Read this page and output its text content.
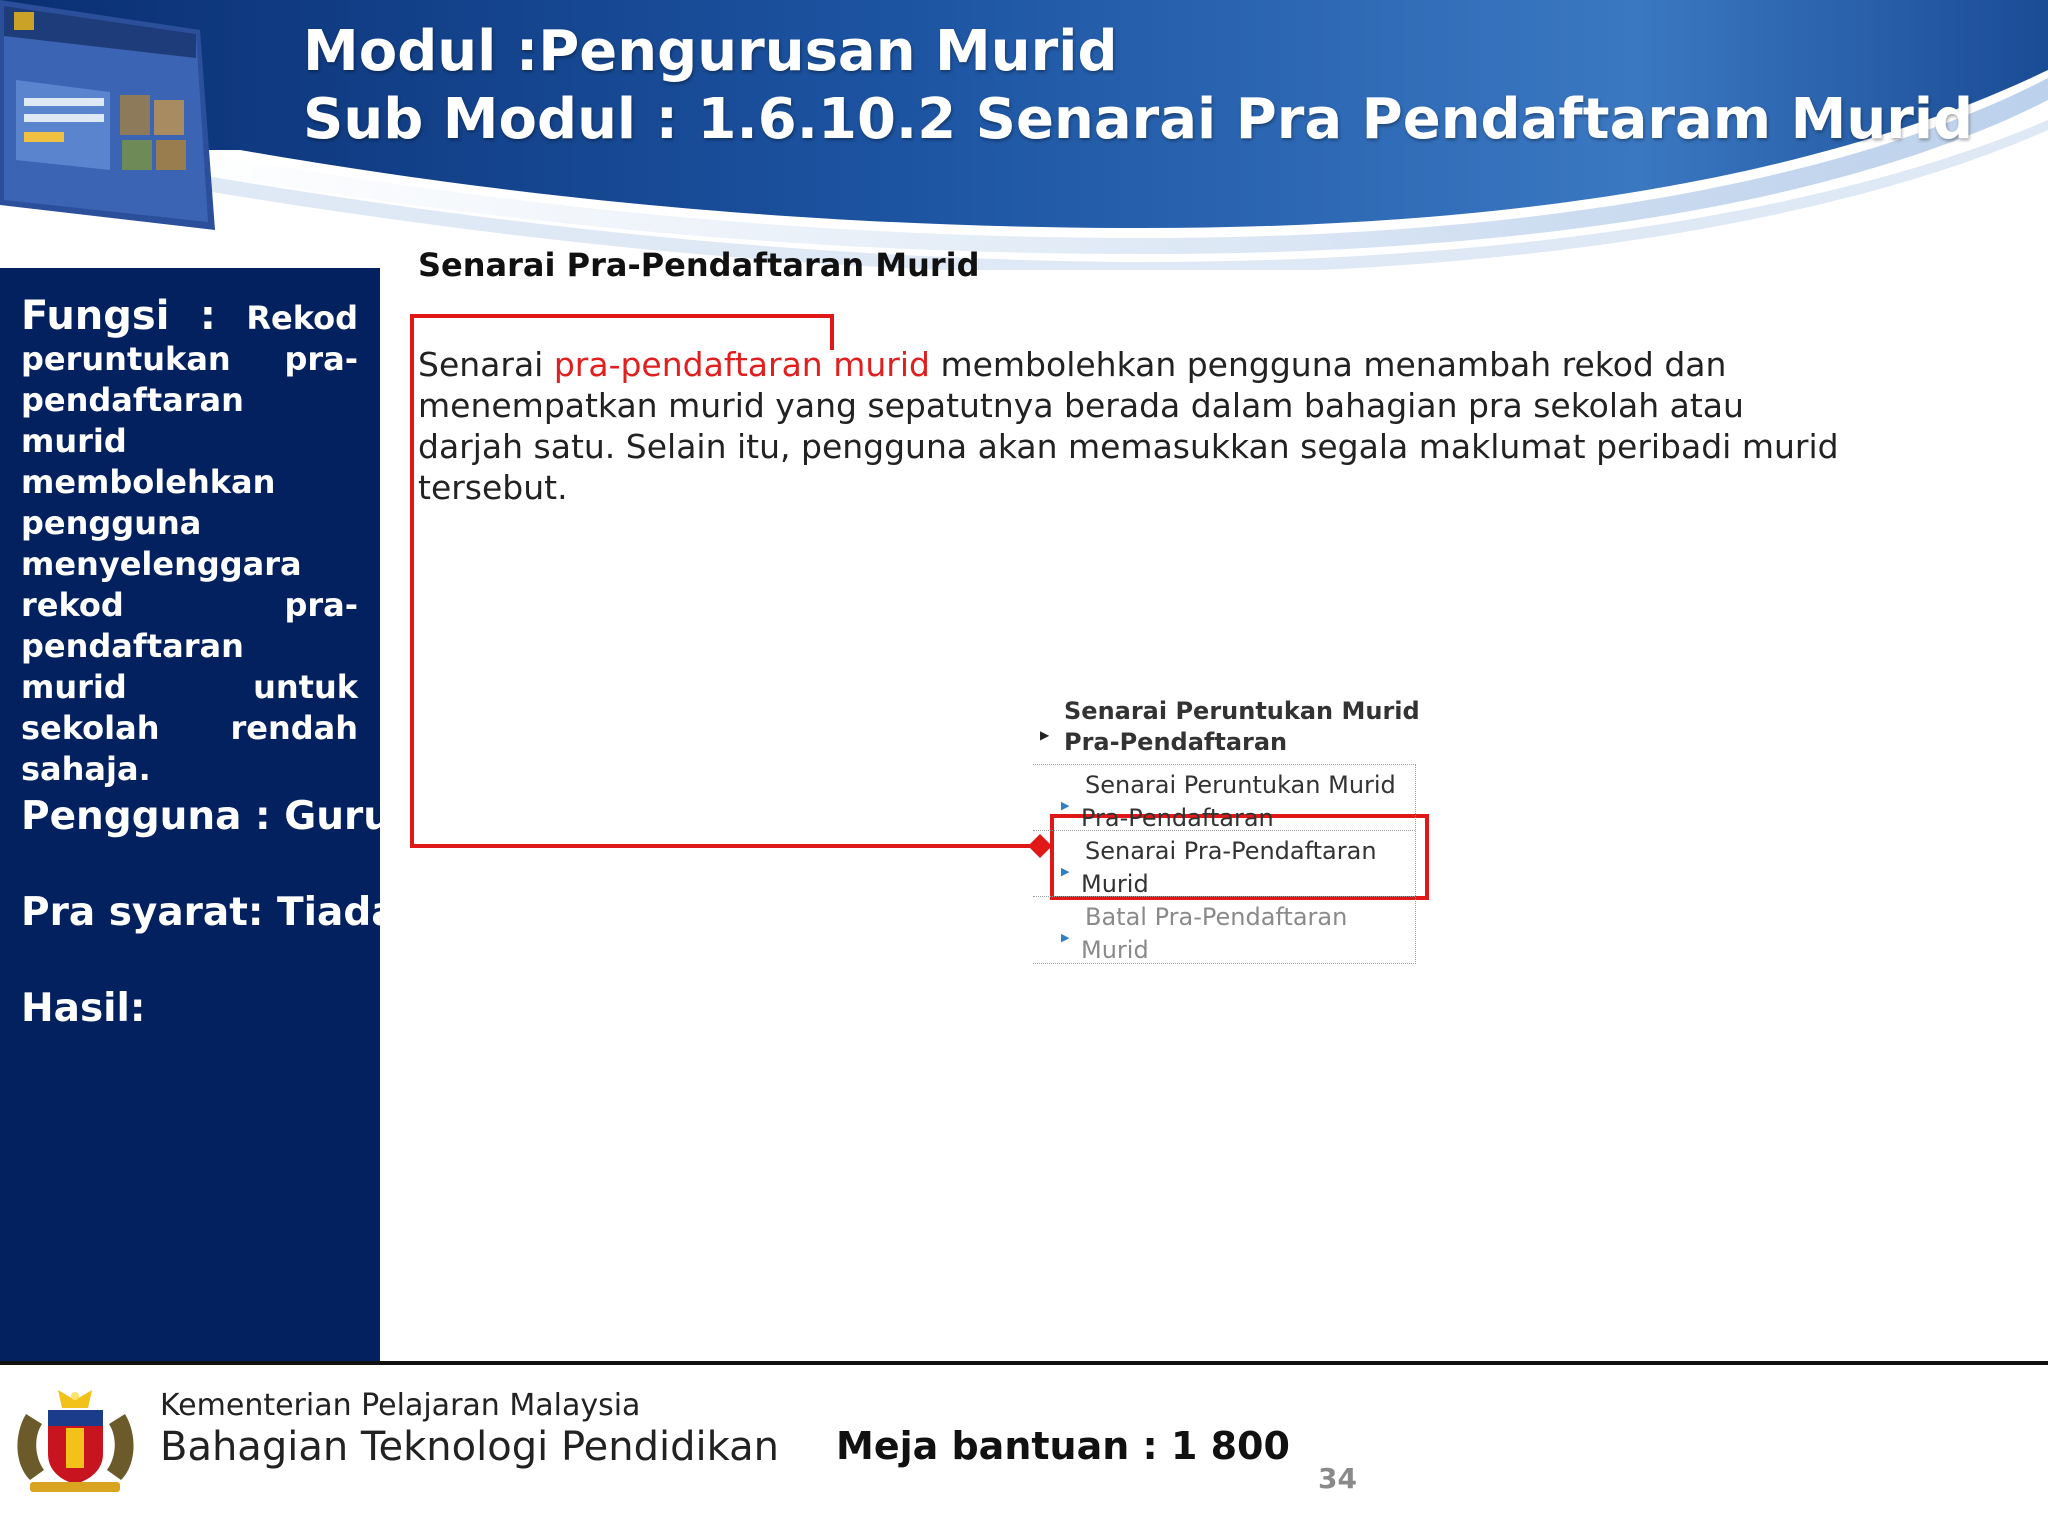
Modul :Pengurusan Murid
Sub Modul : 1.6.10.2 Senarai Pra Pendaftaram Murid
Fungsi : Rekod peruntukan pra-pendaftaran murid membolehkan pengguna menyelenggara rekod pra-pendaftaran murid untuk sekolah rendah sahaja.
Pengguna : Guru
Pra syarat: Tiada
Hasil:
Senarai Pra-Pendaftaran Murid
Senarai pra-pendaftaran murid membolehkan pengguna menambah rekod dan menempatkan murid yang sepatutnya berada dalam bahagian pra sekolah atau darjah satu. Selain itu, pengguna akan memasukkan segala maklumat peribadi murid tersebut.
▶
Senarai Peruntukan Murid Pra-Pendaftaran
▶
Senarai Peruntukan Murid
Pra-Pendaftaran
▶
Senarai Pra-Pendaftaran
Murid
▶
Batal Pra-Pendaftaran
Murid
Kementerian Pelajaran Malaysia
Bahagian Teknologi Pendidikan Meja bantuan : 1 800
34
